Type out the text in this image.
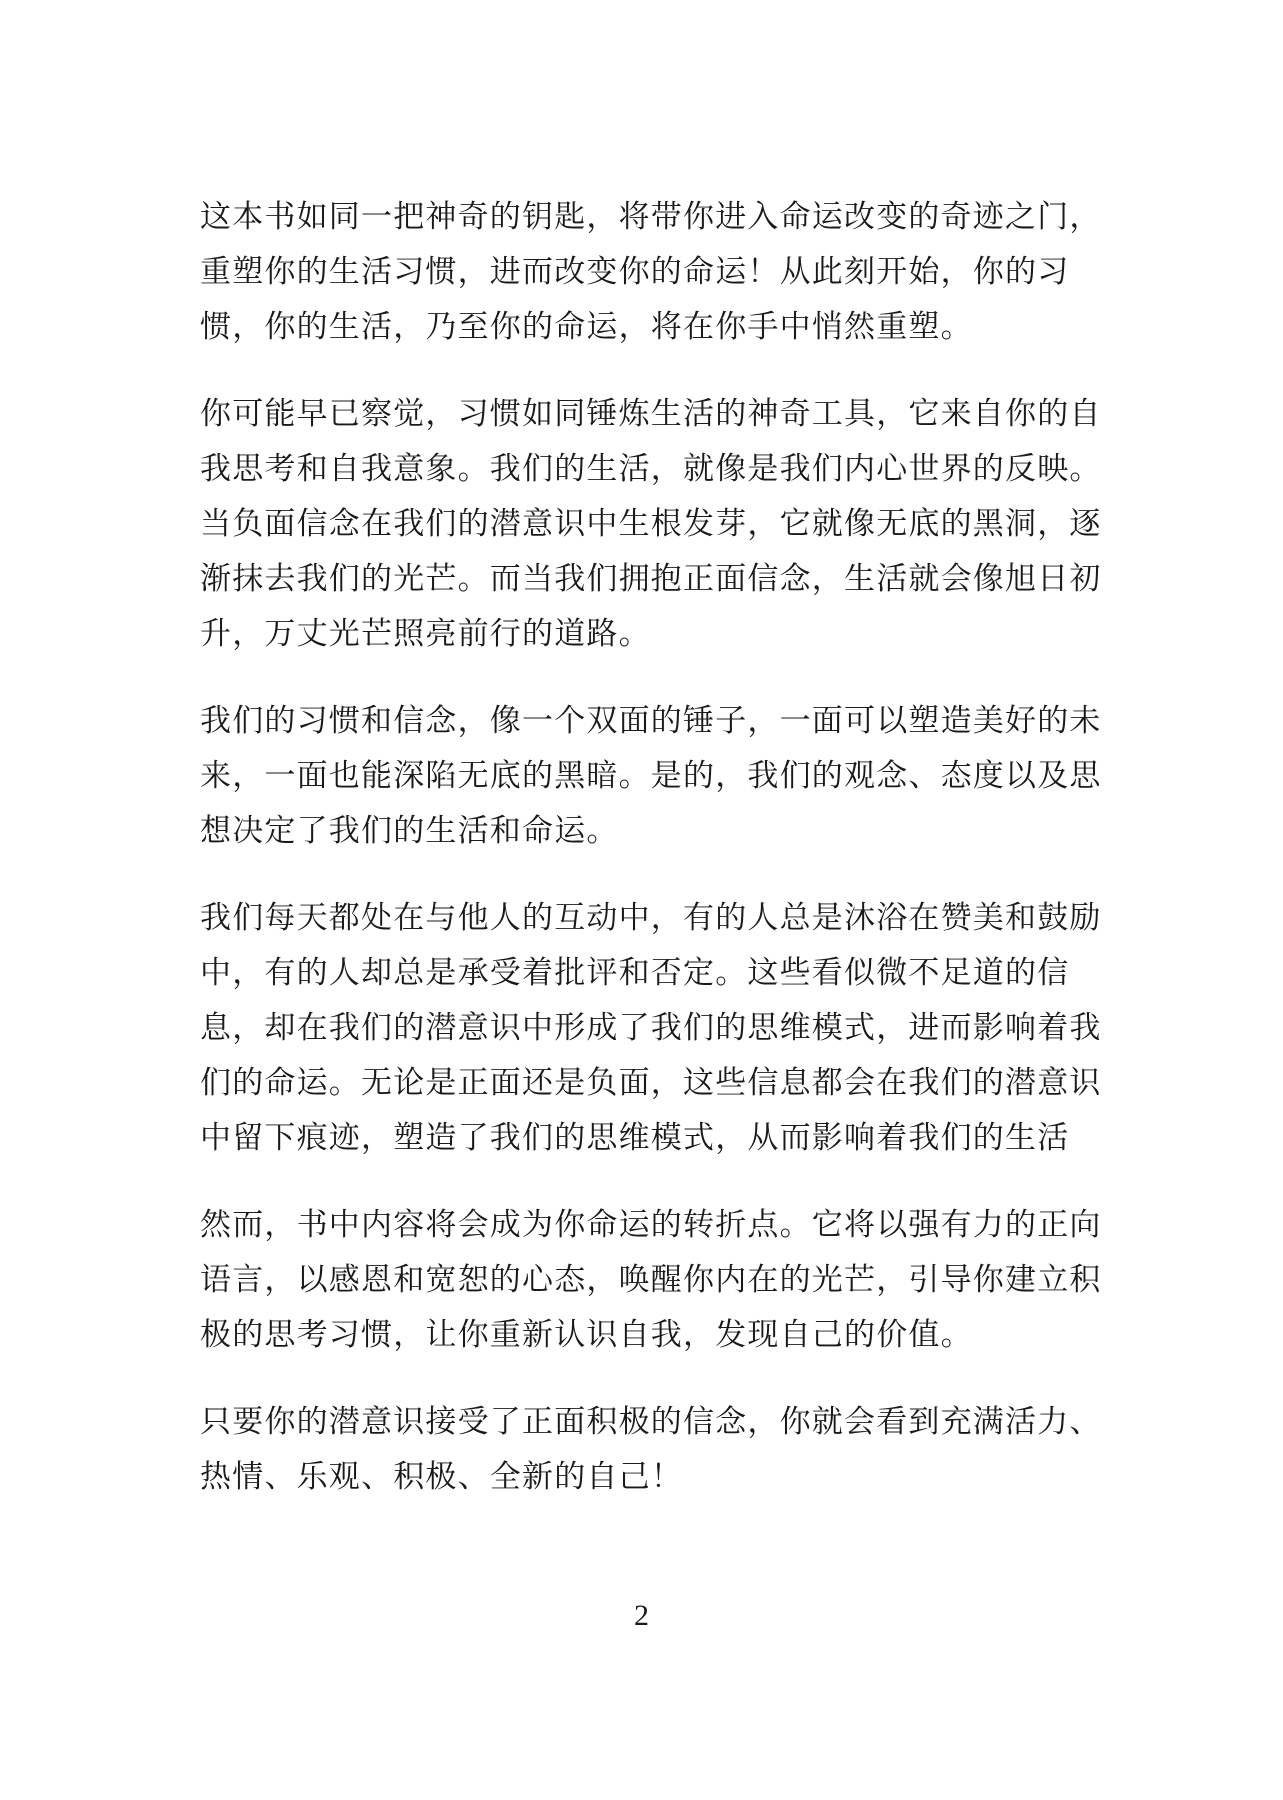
这本书如同一把神奇的钥匙，将带你进入命运改变的奇迹之门，
重塑你的生活习惯，进而改变你的命运！从此刻开始，你的习
惯，你的生活，乃至你的命运，将在你手中悄然重塑。

你可能早已察觉，习惯如同锤炼生活的神奇工具，它来自你的自
我思考和自我意象。我们的生活，就像是我们内心世界的反映。
当负面信念在我们的潜意识中生根发芽，它就像无底的黑洞，逐
渐抹去我们的光芒。而当我们拥抱正面信念，生活就会像旭日初
升，万丈光芒照亮前行的道路。

我们的习惯和信念，像一个双面的锤子，一面可以塑造美好的未
来，一面也能深陷无底的黑暗。是的，我们的观念、态度以及思
想决定了我们的生活和命运。

我们每天都处在与他人的互动中，有的人总是沐浴在赞美和鼓励
中，有的人却总是承受着批评和否定。这些看似微不足道的信
息，却在我们的潜意识中形成了我们的思维模式，进而影响着我
们的命运。无论是正面还是负面，这些信息都会在我们的潜意识
中留下痕迹，塑造了我们的思维模式，从而影响着我们的生活

然而，书中内容将会成为你命运的转折点。它将以强有力的正向
语言，以感恩和宽恕的心态，唤醒你内在的光芒，引导你建立积
极的思考习惯，让你重新认识自我，发现自己的价值。

只要你的潜意识接受了正面积极的信念，你就会看到充满活力、
热情、乐观、积极、全新的自己！

2
